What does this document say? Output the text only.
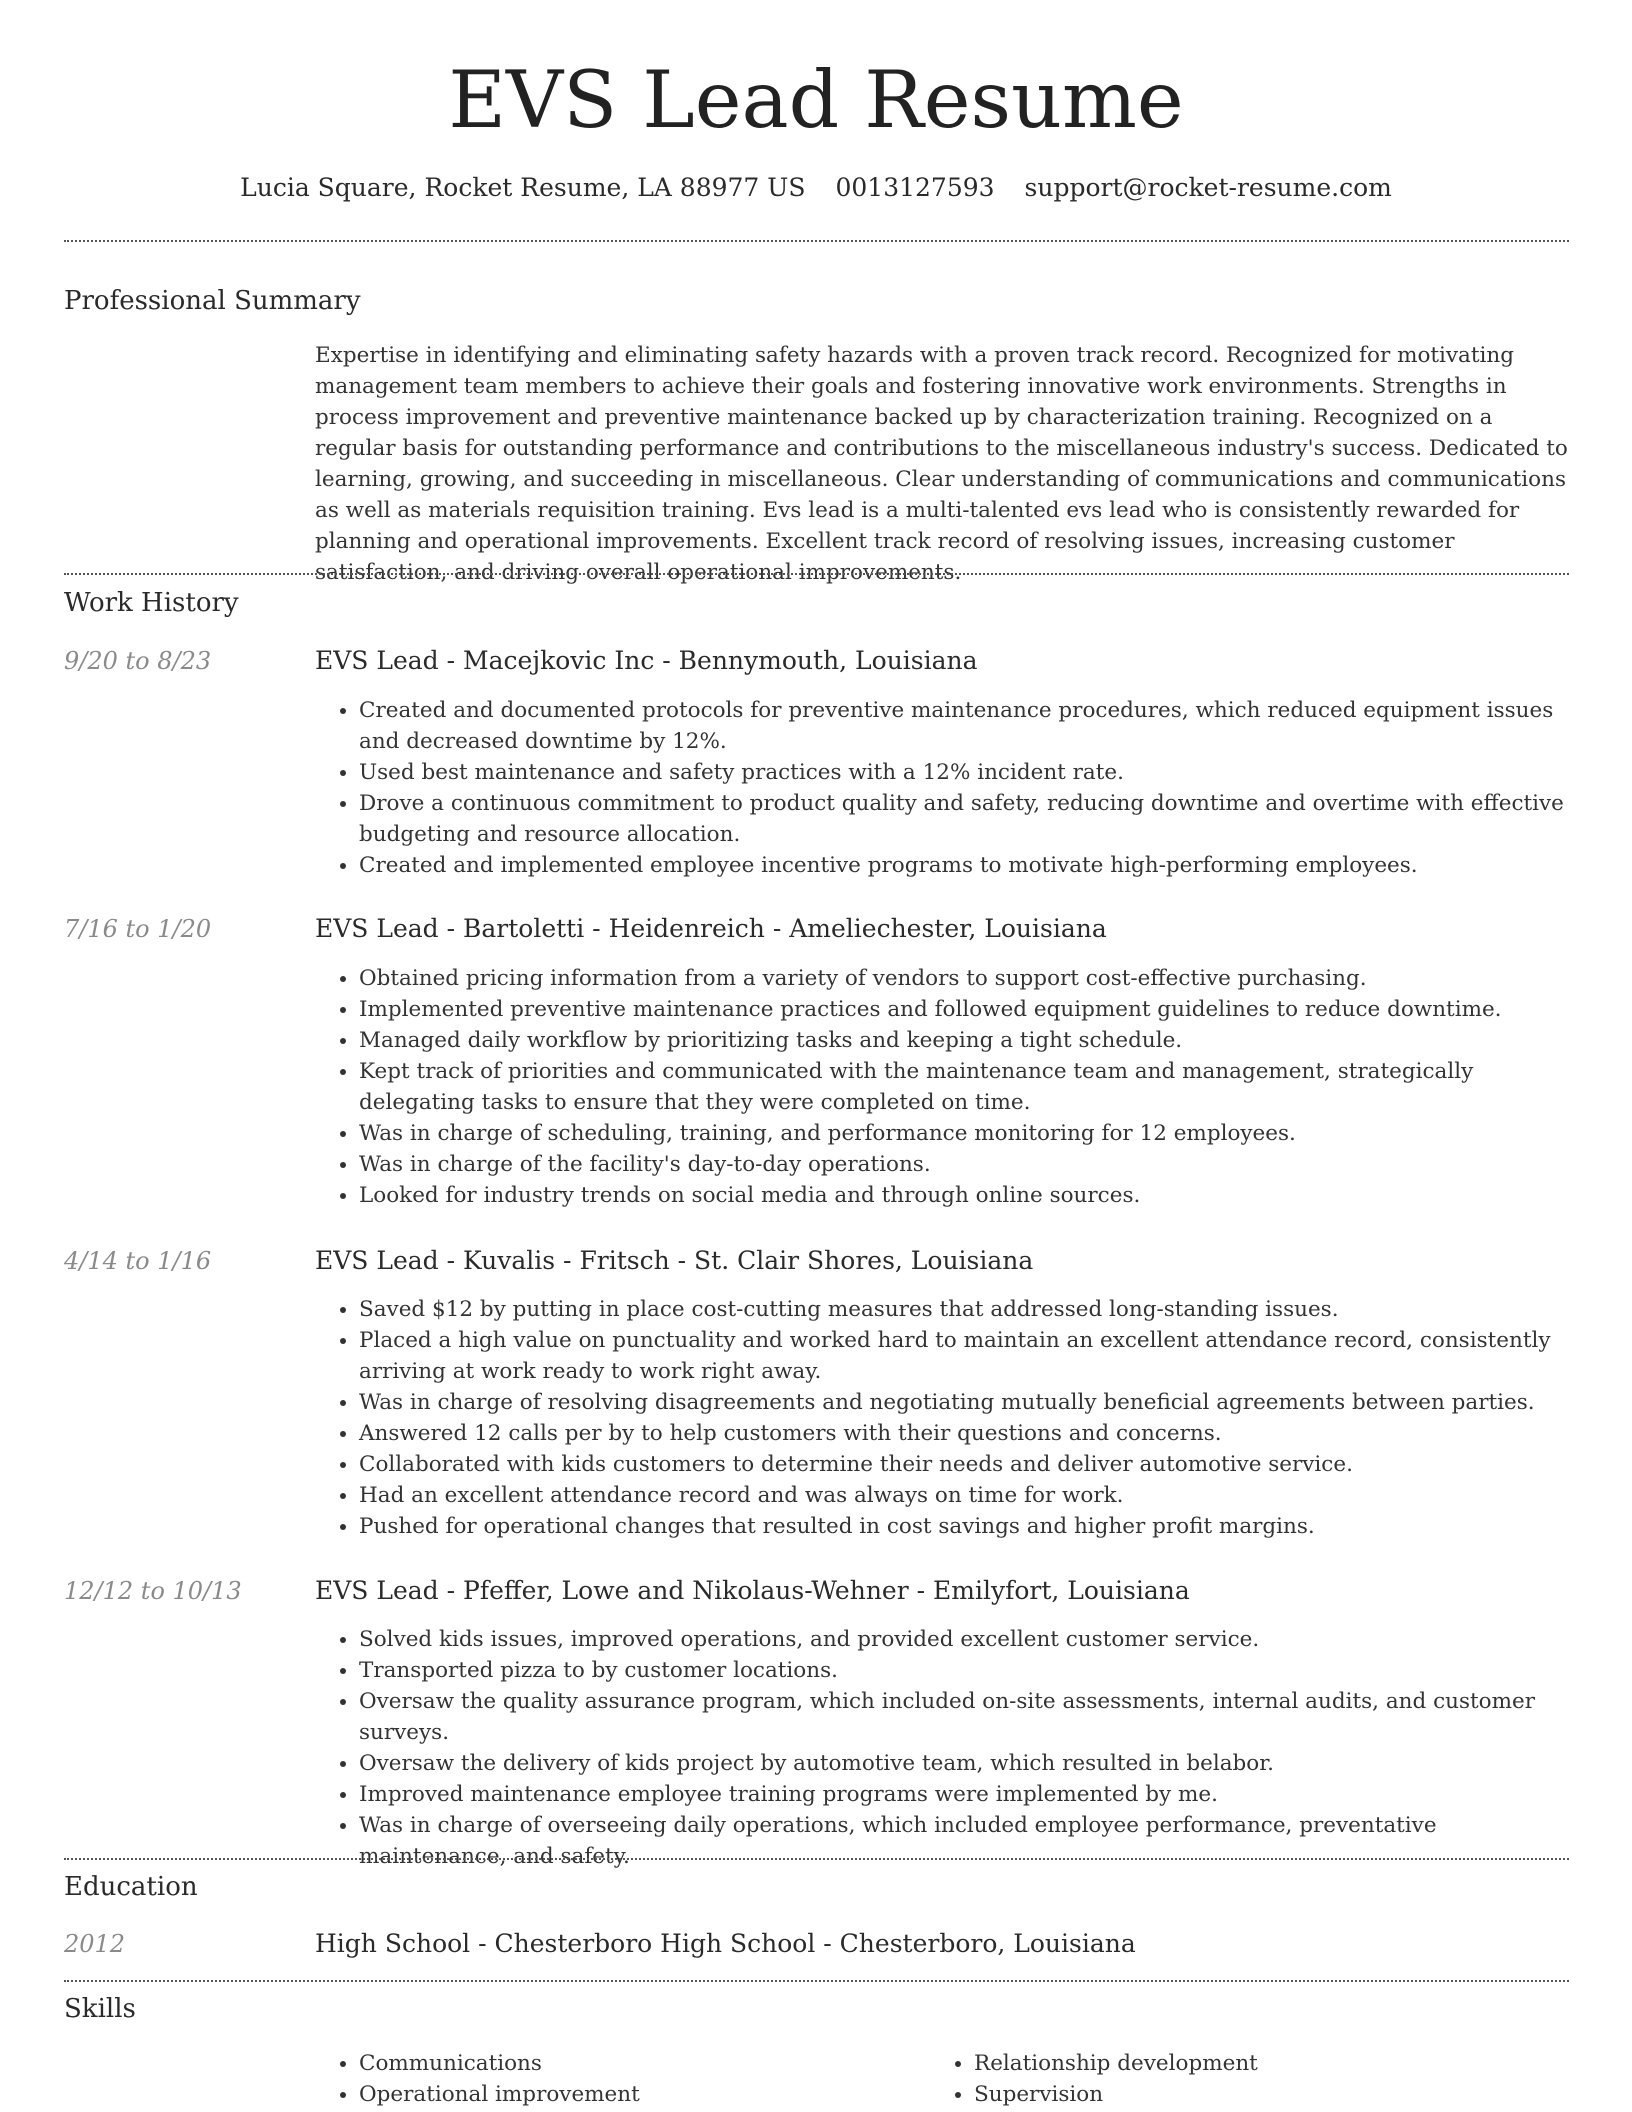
EVS Lead Resume
Lucia Square, Rocket Resume, LA 88977 US 0013127593 support@rocket-resume.com
Professional Summary
Expertise in identifying and eliminating safety hazards with a proven track record. Recognized for motivating management team members to achieve their goals and fostering innovative work environments. Strengths in process improvement and preventive maintenance backed up by characterization training. Recognized on a regular basis for outstanding performance and contributions to the miscellaneous industry's success. Dedicated to learning, growing, and succeeding in miscellaneous. Clear understanding of communications and communications as well as materials requisition training. Evs lead is a multi-talented evs lead who is consistently rewarded for planning and operational improvements. Excellent track record of resolving issues, increasing customer satisfaction, and driving overall operational improvements.
Work History
9/20 to 8/23	EVS Lead - Macejkovic Inc - Bennymouth, Louisiana
• Created and documented protocols for preventive maintenance procedures, which reduced equipment issues and decreased downtime by 12%.
• Used best maintenance and safety practices with a 12% incident rate.
• Drove a continuous commitment to product quality and safety, reducing downtime and overtime with effective budgeting and resource allocation.
• Created and implemented employee incentive programs to motivate high-performing employees.
7/16 to 1/20	EVS Lead - Bartoletti - Heidenreich - Ameliechester, Louisiana
• Obtained pricing information from a variety of vendors to support cost-effective purchasing.
• Implemented preventive maintenance practices and followed equipment guidelines to reduce downtime.
• Managed daily workflow by prioritizing tasks and keeping a tight schedule.
• Kept track of priorities and communicated with the maintenance team and management, strategically delegating tasks to ensure that they were completed on time.
• Was in charge of scheduling, training, and performance monitoring for 12 employees.
• Was in charge of the facility's day-to-day operations.
• Looked for industry trends on social media and through online sources.
4/14 to 1/16	EVS Lead - Kuvalis - Fritsch - St. Clair Shores, Louisiana
• Saved $12 by putting in place cost-cutting measures that addressed long-standing issues.
• Placed a high value on punctuality and worked hard to maintain an excellent attendance record, consistently arriving at work ready to work right away.
• Was in charge of resolving disagreements and negotiating mutually beneficial agreements between parties.
• Answered 12 calls per by to help customers with their questions and concerns.
• Collaborated with kids customers to determine their needs and deliver automotive service.
• Had an excellent attendance record and was always on time for work.
• Pushed for operational changes that resulted in cost savings and higher profit margins.
12/12 to 10/13	EVS Lead - Pfeffer, Lowe and Nikolaus-Wehner - Emilyfort, Louisiana
• Solved kids issues, improved operations, and provided excellent customer service.
• Transported pizza to by customer locations.
• Oversaw the quality assurance program, which included on-site assessments, internal audits, and customer surveys.
• Oversaw the delivery of kids project by automotive team, which resulted in belabor.
• Improved maintenance employee training programs were implemented by me.
• Was in charge of overseeing daily operations, which included employee performance, preventative maintenance, and safety.
Education
2012	High School - Chesterboro High School - Chesterboro, Louisiana
Skills
• Communications
• Operational improvement
• Relationship development
• Supervision
